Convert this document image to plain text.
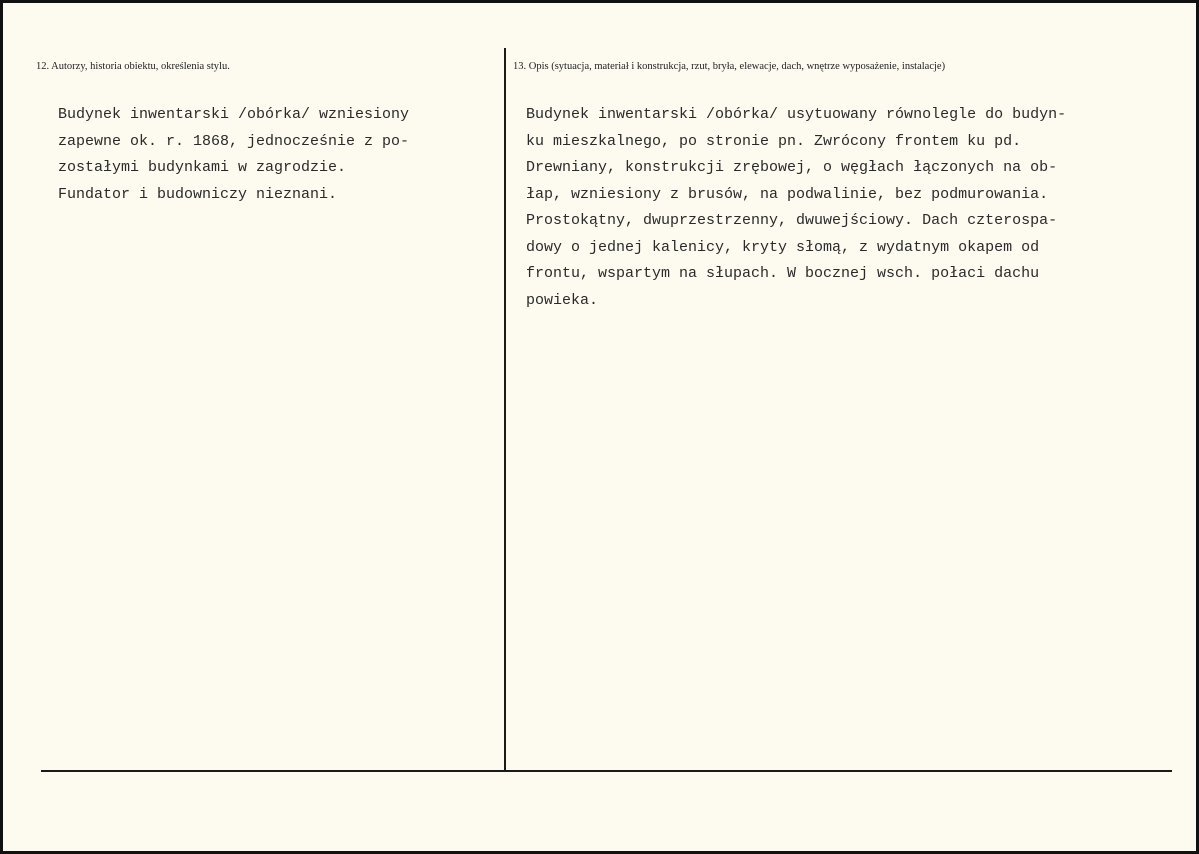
12. Autorzy, historia obiektu, określenia stylu.

Budynek inwentarski /obórka/ wzniesiony
zapewne ok. r. 1868, jednocześnie z po-
zostałymi budynkami w zagrodzie.
Fundator i budowniczy nieznani.

13. Opis (sytuacja, materiał i konstrukcja, rzut, bryła, elewacje, dach, wnętrze wyposażenie, instalacje)

Budynek inwentarski /obórka/ usytuowany równolegle do budyn-
ku mieszkalnego, po stronie pn. Zwrócony frontem ku pd.
Drewniany, konstrukcji zrębowej, o węgłach łączonych na ob-
łap, wzniesiony z brusów, na podwalinie, bez podmurowania.
Prostokątny, dwuprzestrzenny, dwuwejściowy. Dach czterospa-
dowy o jednej kalenicy, kryty słomą, z wydatnym okapem od
frontu, wspartym na słupach. W bocznej wsch. połaci dachu
powieka.
